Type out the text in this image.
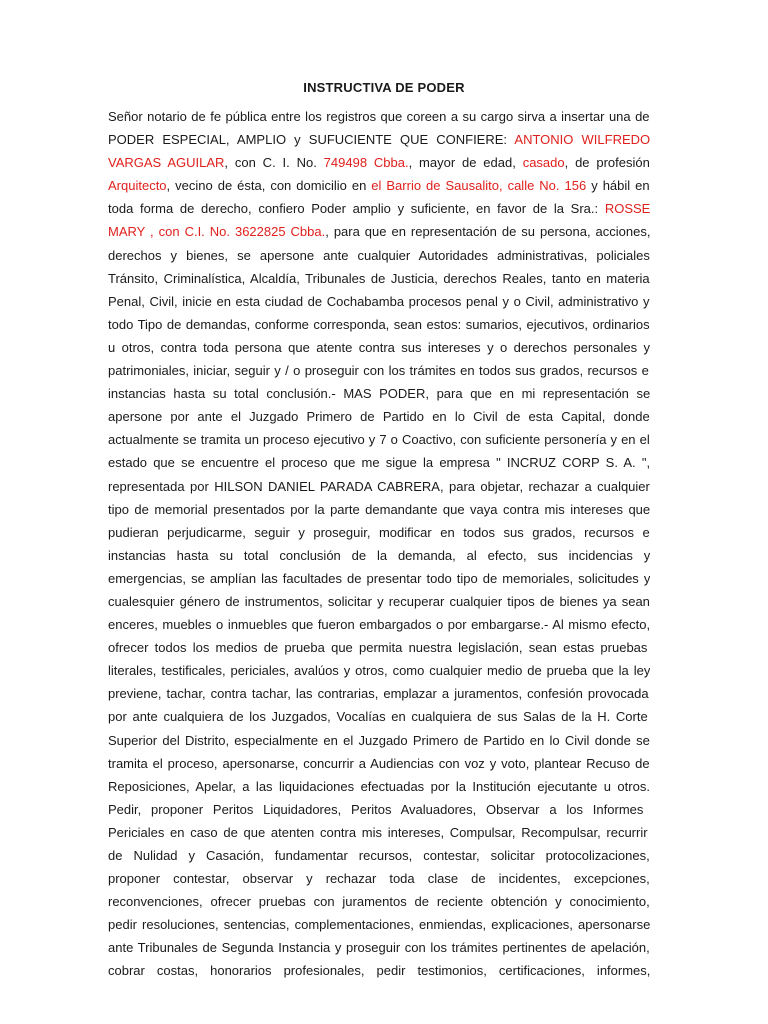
INSTRUCTIVA DE PODER
Señor notario de fe pública entre los registros que coreen a su cargo sirva a insertar una de
PODER ESPECIAL, AMPLIO y SUFUCIENTE QUE CONFIERE: ANTONIO WILFREDO
VARGAS AGUILAR, con C. I. No. 749498 Cbba., mayor de edad, casado, de profesión
Arquitecto, vecino de ésta, con domicilio en el Barrio de Sausalito, calle No. 156 y hábil en
toda forma de derecho, confiero Poder amplio y suficiente, en favor de la Sra.: ROSSE
MARY , con C.I. No. 3622825 Cbba., para que en representación de su persona, acciones,
derechos y bienes, se apersone ante cualquier Autoridades administrativas, policiales
Tránsito, Criminalística, Alcaldía, Tribunales de Justicia, derechos Reales, tanto en materia
Penal, Civil, inicie en esta ciudad de Cochabamba procesos penal y o Civil, administrativo y
todo Tipo de demandas, conforme corresponda, sean estos: sumarios, ejecutivos, ordinarios
u otros, contra toda persona que atente contra sus intereses y o derechos personales y
patrimoniales, iniciar, seguir y / o proseguir con los trámites en todos sus grados, recursos e
instancias hasta su total conclusión.- MAS PODER, para que en mi representación se
apersone por ante el Juzgado Primero de Partido en lo Civil de esta Capital, donde
actualmente se tramita un proceso ejecutivo y 7 o Coactivo, con suficiente personería y en el
estado que se encuentre el proceso que me sigue la empresa " INCRUZ CORP S. A. ",
representada por HILSON DANIEL PARADA CABRERA, para objetar, rechazar a cualquier
tipo de memorial presentados por la parte demandante que vaya contra mis intereses que
pudieran perjudicarme, seguir y proseguir, modificar en todos sus grados, recursos e
instancias hasta su total conclusión de la demanda, al efecto, sus incidencias y
emergencias, se amplían las facultades de presentar todo tipo de memoriales, solicitudes y
cualesquier género de instrumentos, solicitar y recuperar cualquier tipos de bienes ya sean
enceres, muebles o inmuebles que fueron embargados o por embargarse.- Al mismo efecto,
ofrecer todos los medios de prueba que permita nuestra legislación, sean estas pruebas
literales, testificales, periciales, avalúos y otros, como cualquier medio de prueba que la ley
previene, tachar, contra tachar, las contrarias, emplazar a juramentos, confesión provocada
por ante cualquiera de los Juzgados, Vocalías en cualquiera de sus Salas de la H. Corte
Superior del Distrito, especialmente en el Juzgado Primero de Partido en lo Civil donde se
tramita el proceso, apersonarse, concurrir a Audiencias con voz y voto, plantear Recuso de
Reposiciones, Apelar, a las liquidaciones efectuadas por la Institución ejecutante u otros.
Pedir, proponer Peritos Liquidadores, Peritos Avaluadores, Observar a los Informes
Periciales en caso de que atenten contra mis intereses, Compulsar, Recompulsar, recurrir
de Nulidad y Casación, fundamentar recursos, contestar, solicitar protocolizaciones,
proponer contestar, observar y rechazar toda clase de incidentes, excepciones,
reconvenciones, ofrecer pruebas con juramentos de reciente obtención y conocimiento,
pedir resoluciones, sentencias, complementaciones, enmiendas, explicaciones, apersonarse
ante Tribunales de Segunda Instancia y proseguir con los trámites pertinentes de apelación,
cobrar costas, honorarios profesionales, pedir testimonios, certificaciones, informes,
